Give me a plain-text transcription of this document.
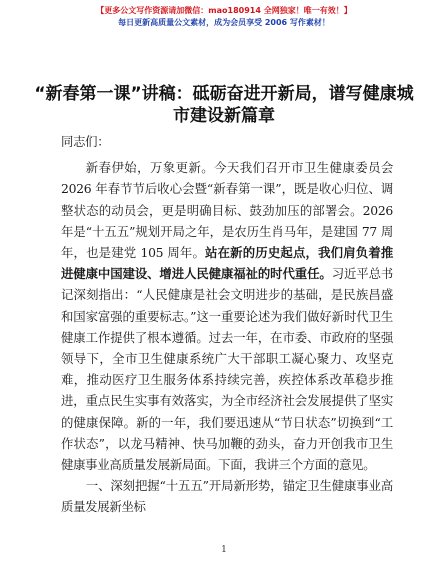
【更多公文写作资源请加微信：mao180914 全网独家！唯一有效！】
每日更新高质量公文素材，成为会员享受 2006 写作素材！
“新春第一课”讲稿：砥砺奋进开新局，谱写健康城市建设新篇章

同志们：

新春伊始，万象更新。今天我们召开市卫生健康委员会 2026 年春节节后收心会暨“新春第一课”，既是收心归位、调整状态的动员会，更是明确目标、鼓劲加压的部署会。2026 年是“十五五”规划开局之年，是农历生肖马年，是建国 77 周年，也是建党 105 周年。站在新的历史起点，我们肩负着推进健康中国建设、增进人民健康福祉的时代重任。习近平总书记深刻指出：“人民健康是社会文明进步的基础，是民族昌盛和国家富强的重要标志。”这一重要论述为我们做好新时代卫生健康工作提供了根本遵循。过去一年，在市委、市政府的坚强领导下，全市卫生健康系统广大干部职工凝心聚力、攻坚克难，推动医疗卫生服务体系持续完善，疾控体系改革稳步推进，重点民生实事有效落实，为全市经济社会发展提供了坚实的健康保障。新的一年，我们要迅速从“节日状态”切换到“工作状态”，以龙马精神、快马加鞭的劲头，奋力开创我市卫生健康事业高质量发展新局面。下面，我讲三个方面的意见。

一、深刻把握“十五五”开局新形势，锚定卫生健康事业高质量发展新坐标

1
